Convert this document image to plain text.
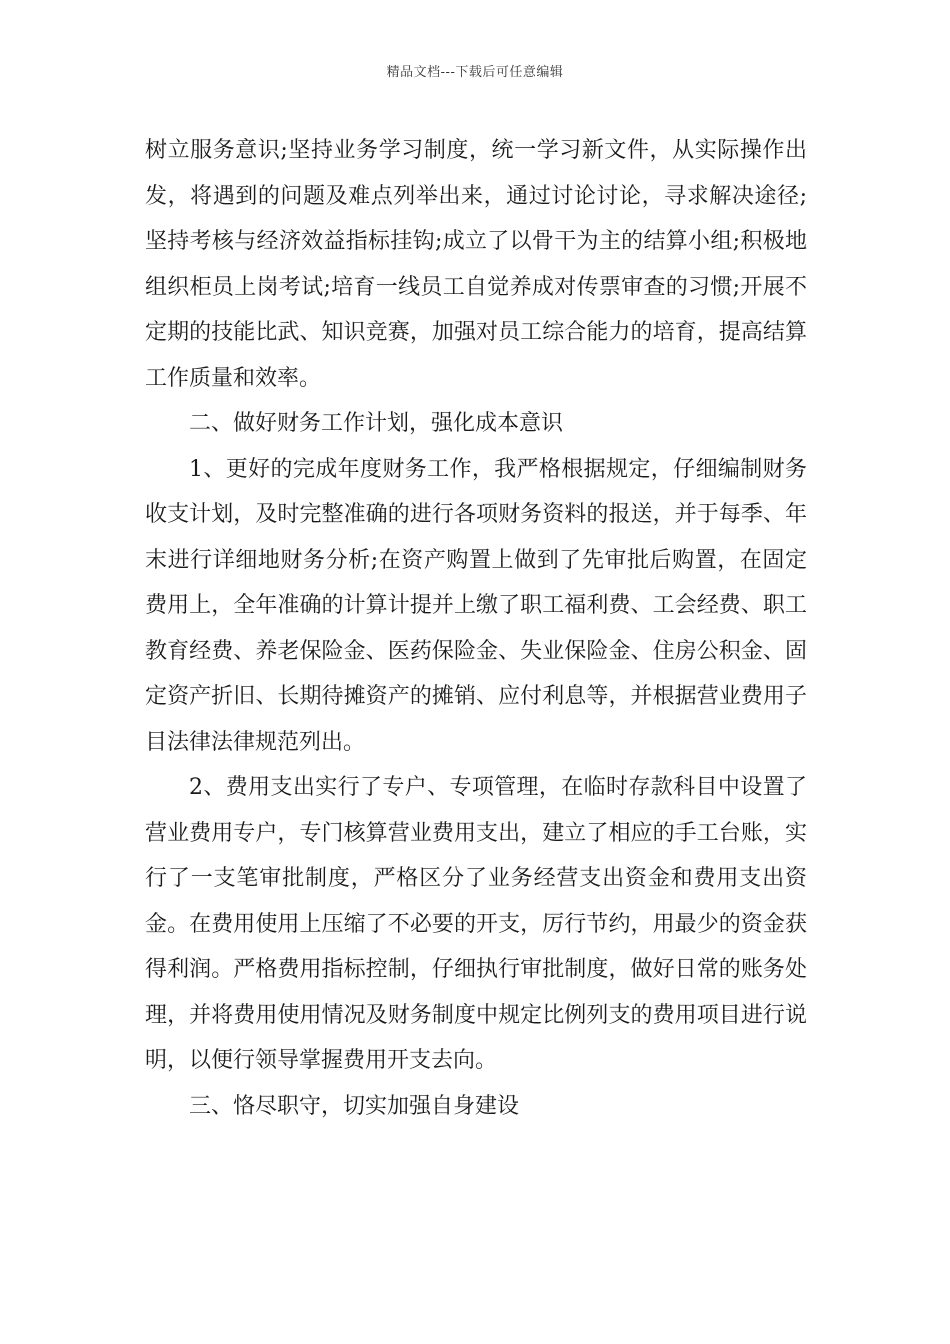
精品文档---下载后可任意编辑

树立服务意识;坚持业务学习制度，统一学习新文件，从实际操作出发，将遇到的问题及难点列举出来，通过讨论讨论，寻求解决途径;坚持考核与经济效益指标挂钩;成立了以骨干为主的结算小组;积极地组织柜员上岗考试;培育一线员工自觉养成对传票审查的习惯;开展不定期的技能比武、知识竞赛，加强对员工综合能力的培育，提高结算工作质量和效率。

二、做好财务工作计划，强化成本意识

1、更好的完成年度财务工作，我严格根据规定，仔细编制财务收支计划，及时完整准确的进行各项财务资料的报送，并于每季、年末进行详细地财务分析;在资产购置上做到了先审批后购置，在固定费用上，全年准确的计算计提并上缴了职工福利费、工会经费、职工教育经费、养老保险金、医药保险金、失业保险金、住房公积金、固定资产折旧、长期待摊资产的摊销、应付利息等，并根据营业费用子目法律法律规范列出。

2、费用支出实行了专户、专项管理，在临时存款科目中设置了营业费用专户，专门核算营业费用支出，建立了相应的手工台账，实行了一支笔审批制度，严格区分了业务经营支出资金和费用支出资金。在费用使用上压缩了不必要的开支，厉行节约，用最少的资金获得利润。严格费用指标控制，仔细执行审批制度，做好日常的账务处理，并将费用使用情况及财务制度中规定比例列支的费用项目进行说明，以便行领导掌握费用开支去向。

三、恪尽职守，切实加强自身建设
